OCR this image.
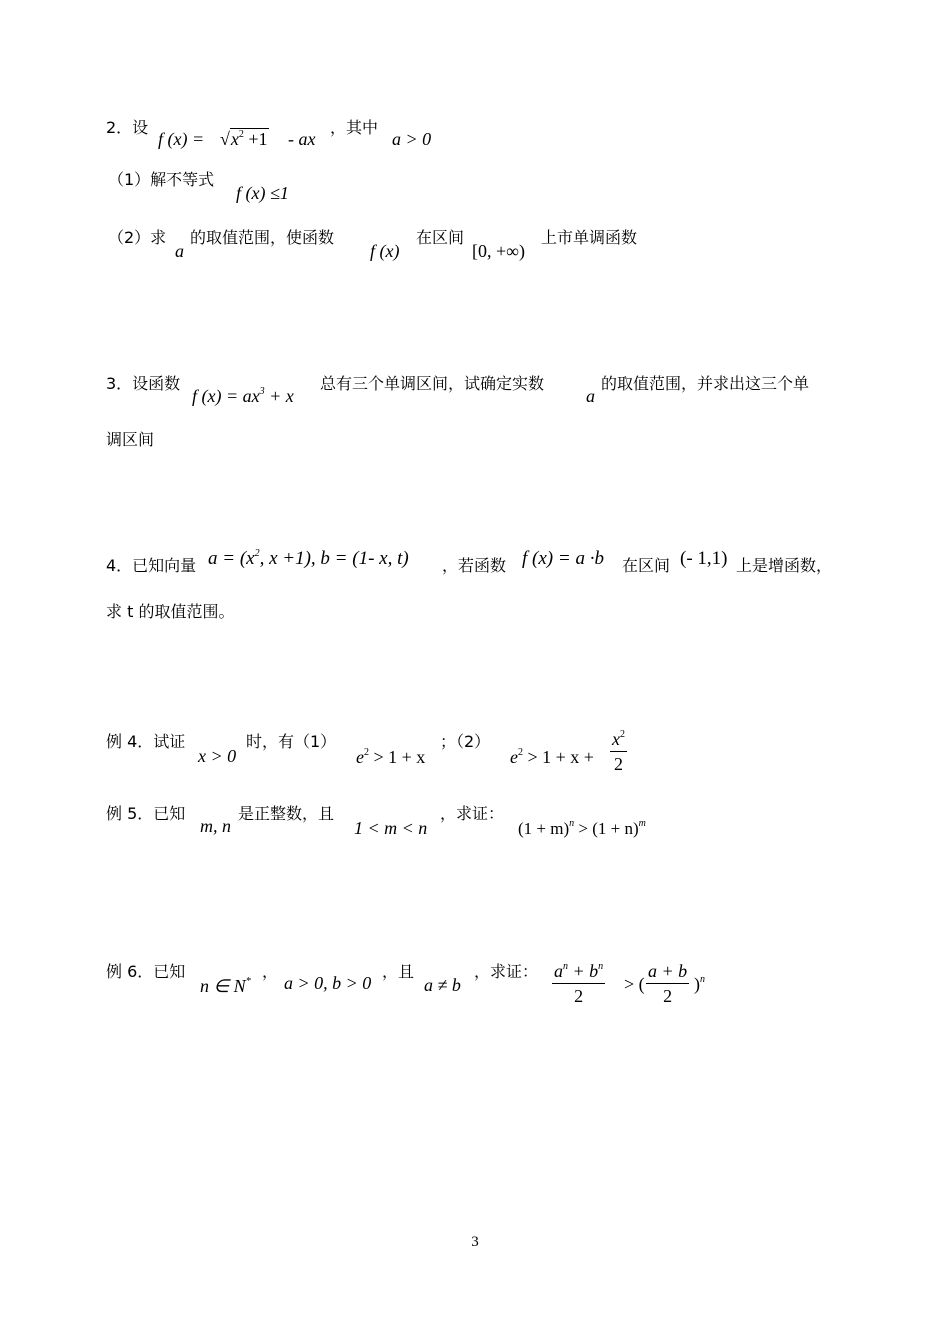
2．设
f $(x) = √x^2 +1$ - ax
，其中
a > 0
（1）解不等式
f (x) ≤1
（2）求
a
的取值范围，使函数
f (x)
在区间
[0, +∞)
上市单调函数
3．设函数
f $(x) = ax^3 + x$
总有三个单调区间，试确定实数
a
的取值范围，并求出这三个单
调区间
4．已知向量 $a = (x^2$, x +1), b = (1- x, t) ，若函数 f (x) = a ·b 在区间 (- 1,1) 上是增函数，
求 t 的取值范围。
例 4．试证
x > 0
时，有（1）
$e^2 > 1 + x$
；（2）
$e^2 > 1 + x$ +
$x^2$
2
例 5．已知
m, n
是正整数，且
1 < m < n
，求证：
$(1 + m)^n > (1 + n)^m$
例 6．已知
n ∈ N*
，
a > 0, b > 0
，且
a ≠ b
，求证： $a^n + b^n$
2
> (
a + b
2
)$^n$
3
